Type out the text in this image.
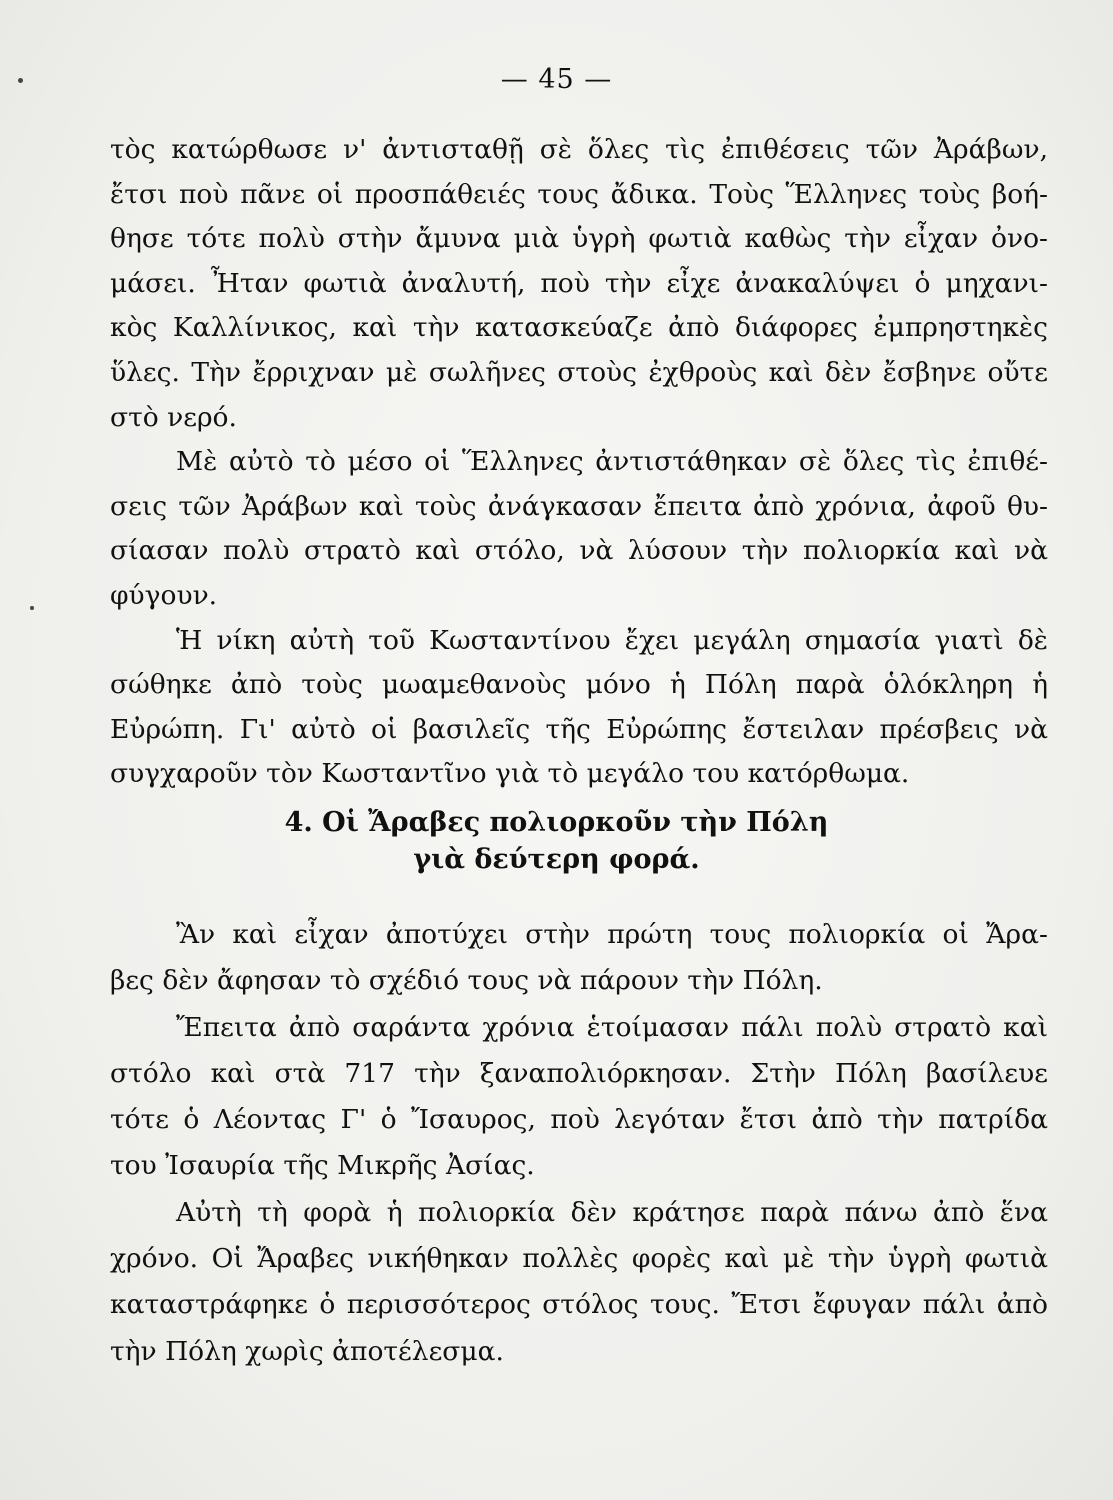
— 45 —
τὸς κατώρθωσε ν' ἀντισταθῇ σὲ ὅλες τὶς ἐπιθέσεις τῶν Ἀράβων,
ἔτσι ποὺ πᾶνε οἱ προσπάθειές τους ἄδικα. Τοὺς Ἕλληνες τοὺς βοή-
θησε τότε πολὺ στὴν ἄμυνα μιὰ ὑγρὴ φωτιὰ καθὼς τὴν εἶχαν ὀνο-
μάσει. Ἦταν φωτιὰ ἀναλυτή, ποὺ τὴν εἶχε ἀνακαλύψει ὁ μηχανι-
κὸς Καλλίνικος, καὶ τὴν κατασκεύαζε ἀπὸ διάφορες ἐμπρηστηκὲς
ὕλες. Τὴν ἔρριχναν μὲ σωλῆνες στοὺς ἐχθροὺς καὶ δὲν ἔσβηνε οὔτε
στὸ νερό.
Μὲ αὐτὸ τὸ μέσο οἱ Ἕλληνες ἀντιστάθηκαν σὲ ὅλες τὶς ἐπιθέ-
σεις τῶν Ἀράβων καὶ τοὺς ἀνάγκασαν ἔπειτα ἀπὸ χρόνια, ἀφοῦ θυ-
σίασαν πολὺ στρατὸ καὶ στόλο, νὰ λύσουν τὴν πολιορκία καὶ νὰ
φύγουν.
Ἡ νίκη αὐτὴ τοῦ Κωσταντίνου ἔχει μεγάλη σημασία γιατὶ δὲ
σώθηκε ἀπὸ τοὺς μωαμεθανοὺς μόνο ἡ Πόλη παρὰ ὁλόκληρη ἡ
Εὐρώπη. Γι' αὐτὸ οἱ βασιλεῖς τῆς Εὐρώπης ἔστειλαν πρέσβεις νὰ
συγχαροῦν τὸν Κωσταντῖνο γιὰ τὸ μεγάλο του κατόρθωμα.
4. Οἱ Ἄραβες πολιορκοῦν τὴν Πόλη
γιὰ δεύτερη φορά.
Ἂν καὶ εἶχαν ἀποτύχει στὴν πρώτη τους πολιορκία οἱ Ἄρα-
βες δὲν ἄφησαν τὸ σχέδιό τους νὰ πάρουν τὴν Πόλη.
Ἔπειτα ἀπὸ σαράντα χρόνια ἑτοίμασαν πάλι πολὺ στρατὸ καὶ
στόλο καὶ στὰ 717 τὴν ξαναπολιόρκησαν. Στὴν Πόλη βασίλευε
τότε ὁ Λέοντας Γ' ὁ Ἴσαυρος, ποὺ λεγόταν ἔτσι ἀπὸ τὴν πατρίδα
του Ἰσαυρία τῆς Μικρῆς Ἀσίας.
Αὐτὴ τὴ φορὰ ἡ πολιορκία δὲν κράτησε παρὰ πάνω ἀπὸ ἕνα
χρόνο. Οἱ Ἄραβες νικήθηκαν πολλὲς φορὲς καὶ μὲ τὴν ὑγρὴ φωτιὰ
καταστράφηκε ὁ περισσότερος στόλος τους. Ἔτσι ἔφυγαν πάλι ἀπὸ
τὴν Πόλη χωρὶς ἀποτέλεσμα.
